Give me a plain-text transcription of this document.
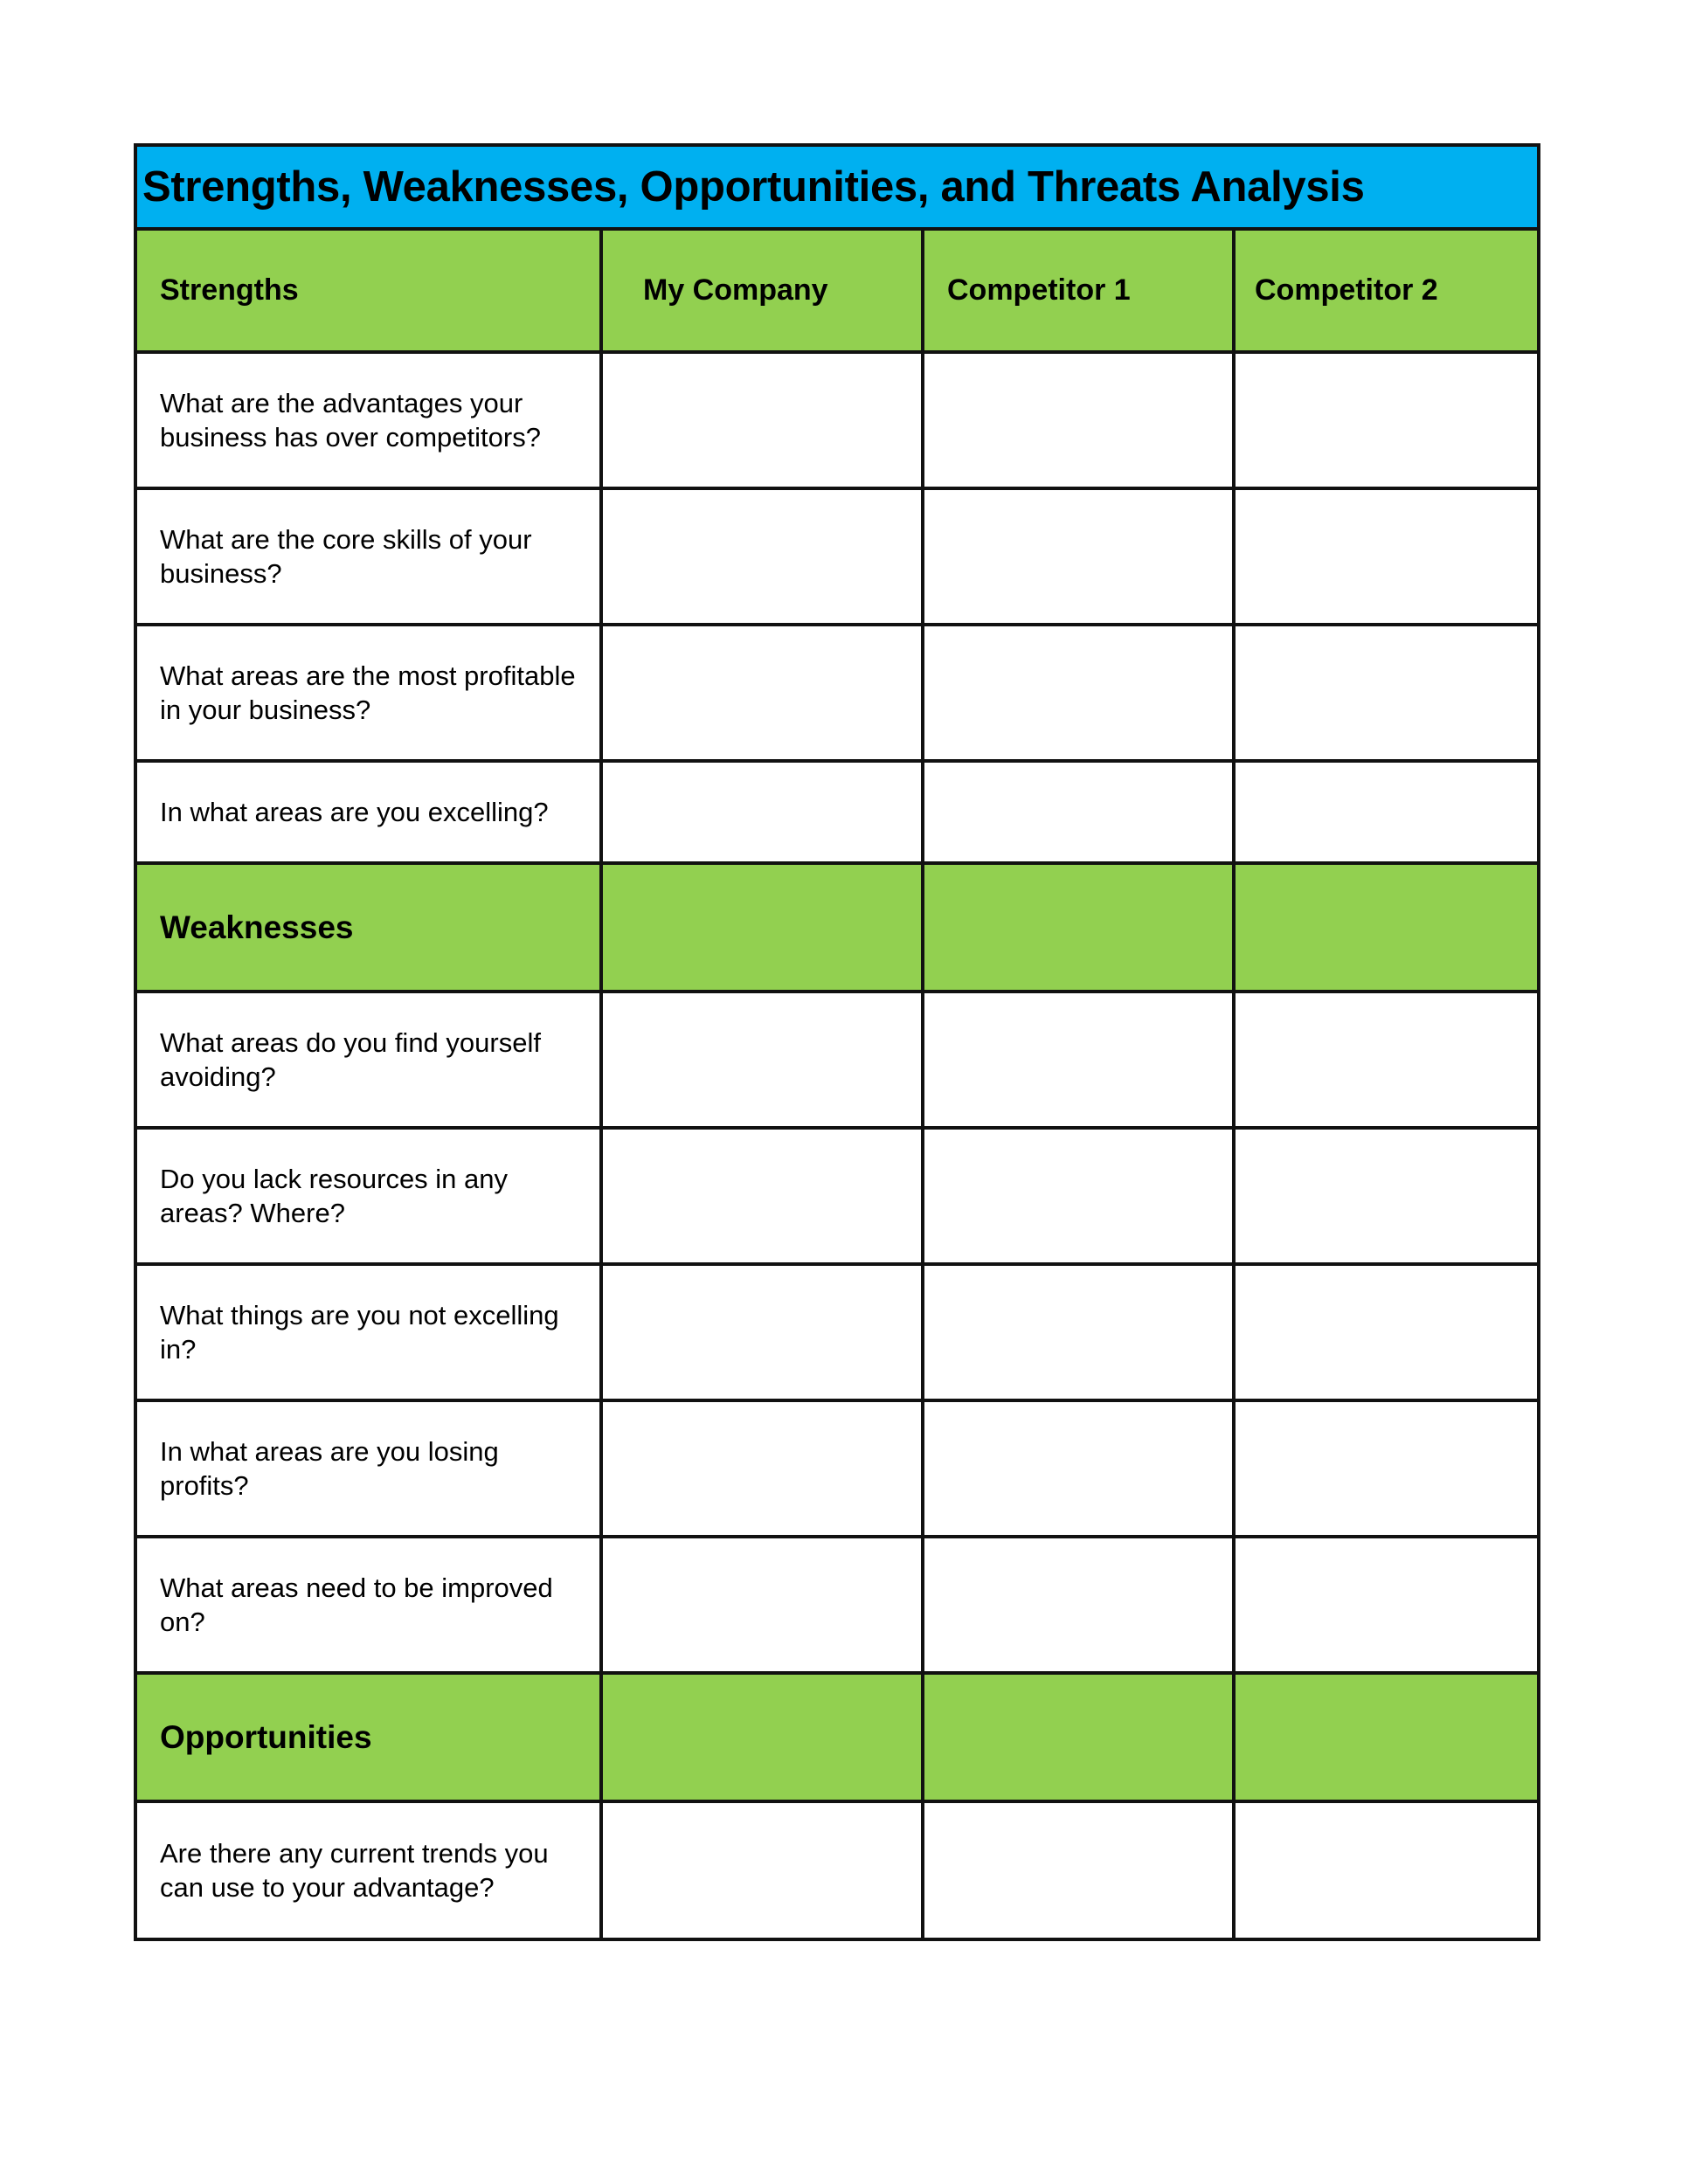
Strengths, Weaknesses, Opportunities, and Threats Analysis
Strengths	My Company	Competitor 1	Competitor 2

What are the advantages your business has over competitors?			

What are the core skills of your business?			

What areas are the most profitable in your business?			

In what areas are you excelling?			

Weaknesses			

What areas do you find yourself avoiding?			

Do you lack resources in any areas? Where?			

What things are you not excelling in?			

In what areas are you losing profits?			

What areas need to be improved on?			

Opportunities			

Are there any current trends you can use to your advantage?			
